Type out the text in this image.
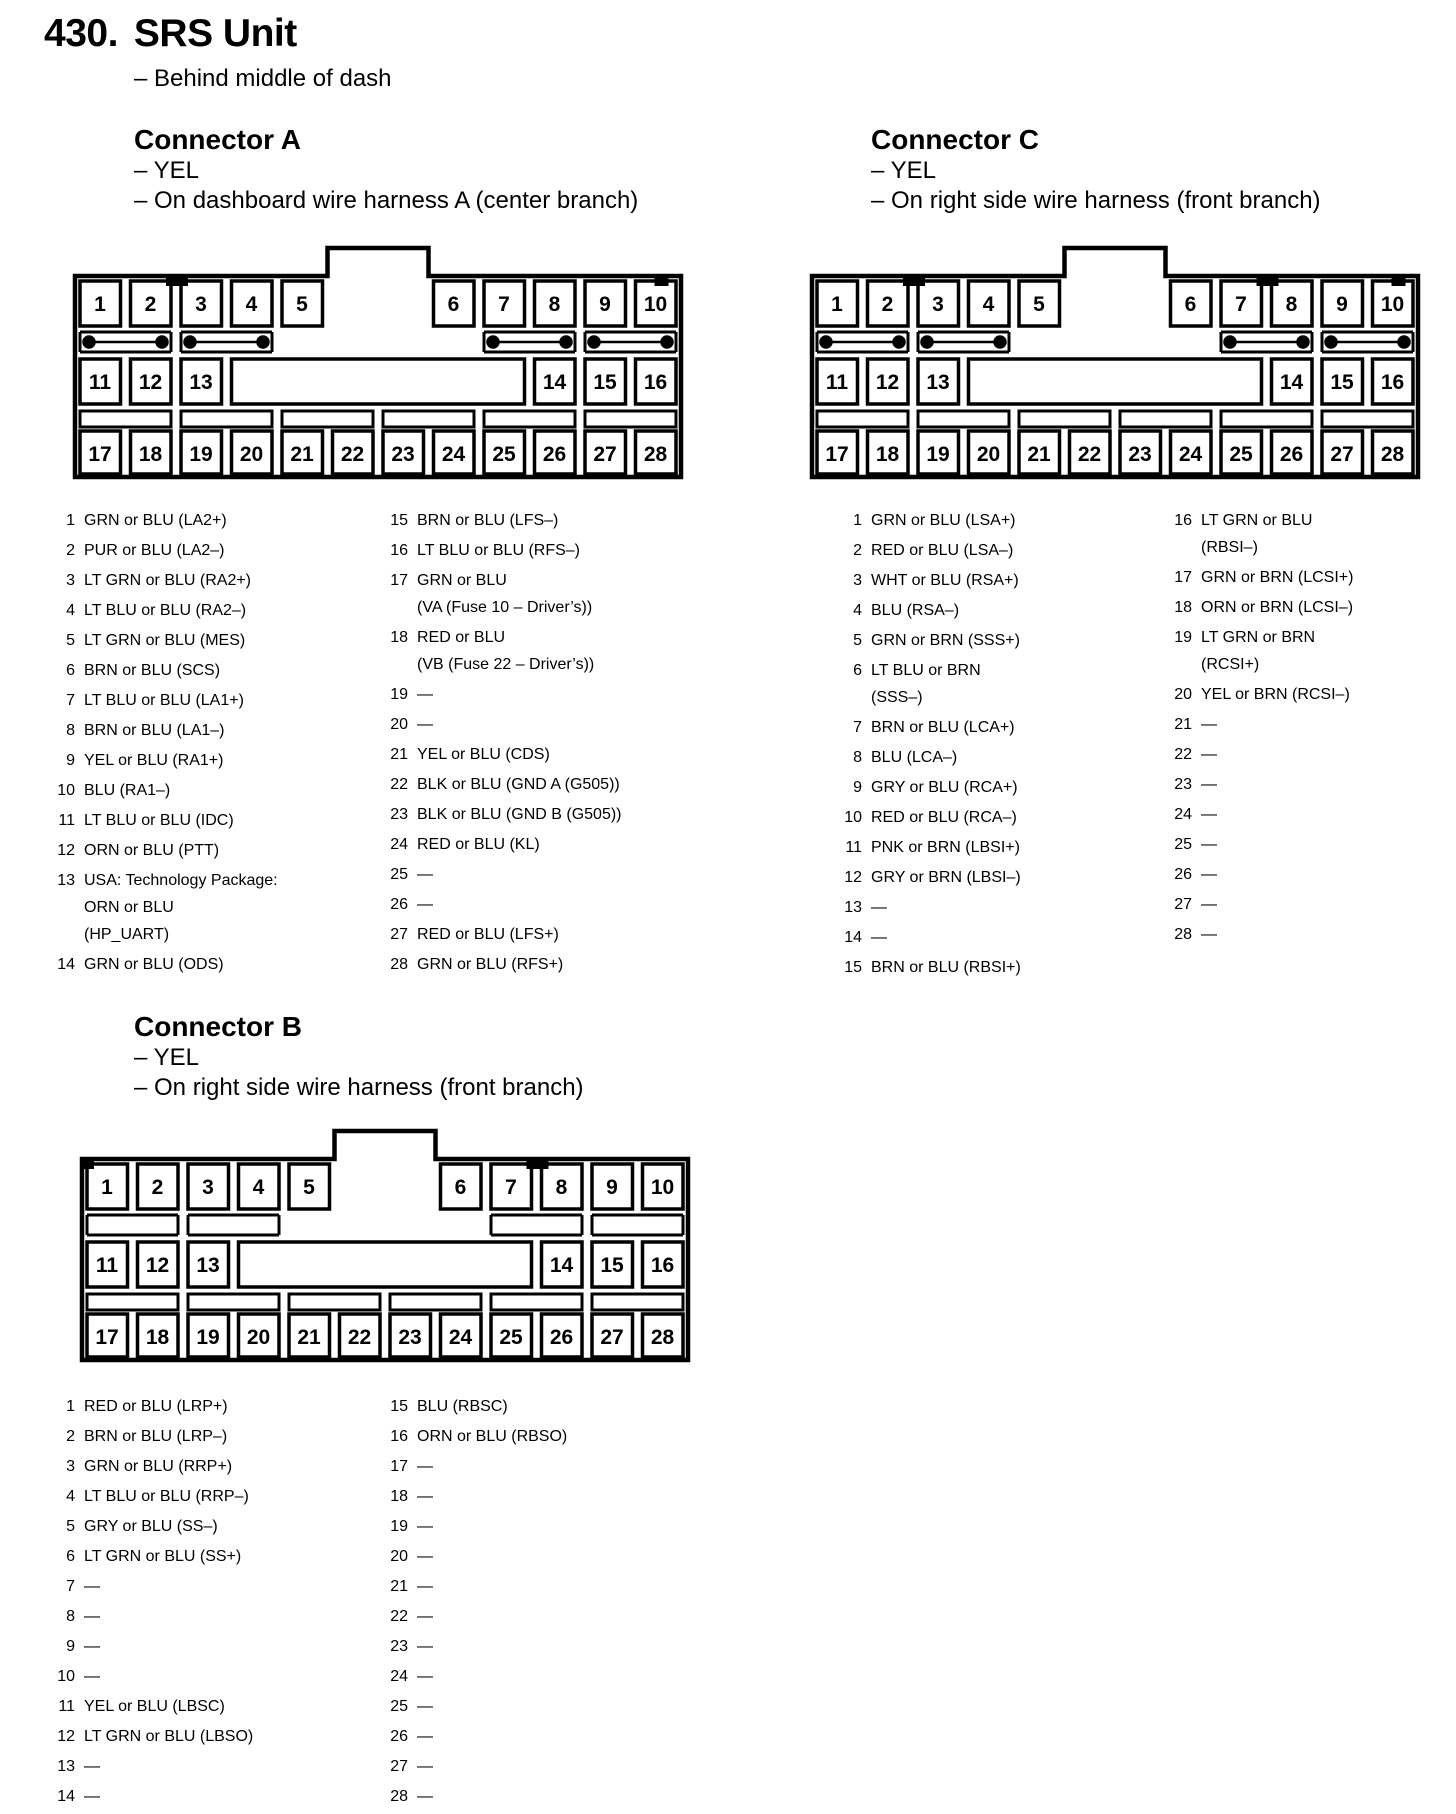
430. SRS Unit
– Behind middle of dash
Connector A
– YEL
– On dashboard wire harness A (center branch)
1 2 3 4 5	6 7 8 9 10
11 12 13	14 15 16
17 18 19 20 21 22 23 24 25 26 27 28
Connector C
– YEL
– On right side wire harness (front branch)
1 2 3 4 5	6 7 8 9 10
11 12 13	14 15 16
17 18 19 20 21 22 23 24 25 26 27 28
Connector B
– YEL
– On right side wire harness (front branch)
1 2 3 4 5	6 7 8 9 10
11 12 13	14 15 16
17 18 19 20 21 22 23 24 25 26 27 28
1 GRN or BLU (LA2+)
2 PUR or BLU (LA2–)
3 LT GRN or BLU (RA2+)
4 LT BLU or BLU (RA2–)
5 LT GRN or BLU (MES)
6 BRN or BLU (SCS)
7 LT BLU or BLU (LA1+)
8 BRN or BLU (LA1–)
9 YEL or BLU (RA1+)
10 BLU (RA1–)
11 LT BLU or BLU (IDC)
12 ORN or BLU (PTT)
13 USA: Technology Package:
ORN or BLU
(HP_UART)
14 GRN or BLU (ODS)
15 BRN or BLU (LFS–)
16 LT BLU or BLU (RFS–)
17 GRN or BLU
(VA (Fuse 10 – Driver’s))
18 RED or BLU
(VB (Fuse 22 – Driver’s))
19 —
20 —
21 YEL or BLU (CDS)
22 BLK or BLU (GND A (G505))
23 BLK or BLU (GND B (G505))
24 RED or BLU (KL)
25 —
26 —
27 RED or BLU (LFS+)
28 GRN or BLU (RFS+)
1 GRN or BLU (LSA+)
2 RED or BLU (LSA–)
3 WHT or BLU (RSA+)
4 BLU (RSA–)
5 GRN or BRN (SSS+)
6 LT BLU or BRN
(SSS–)
7 BRN or BLU (LCA+)
8 BLU (LCA–)
9 GRY or BLU (RCA+)
10 RED or BLU (RCA–)
11 PNK or BRN (LBSI+)
12 GRY or BRN (LBSI–)
13 —
14 —
15 BRN or BLU (RBSI+)
16 LT GRN or BLU
(RBSI–)
17 GRN or BRN (LCSI+)
18 ORN or BRN (LCSI–)
19 LT GRN or BRN
(RCSI+)
20 YEL or BRN (RCSI–)
21 —
22 —
23 —
24 —
25 —
26 —
27 —
28 —
1 RED or BLU (LRP+)
2 BRN or BLU (LRP–)
3 GRN or BLU (RRP+)
4 LT BLU or BLU (RRP–)
5 GRY or BLU (SS–)
6 LT GRN or BLU (SS+)
7 —
8 —
9 —
10 —
11 YEL or BLU (LBSC)
12 LT GRN or BLU (LBSO)
13 —
14 —
15 BLU (RBSC)
16 ORN or BLU (RBSO)
17 —
18 —
19 —
20 —
21 —
22 —
23 —
24 —
25 —
26 —
27 —
28 —
